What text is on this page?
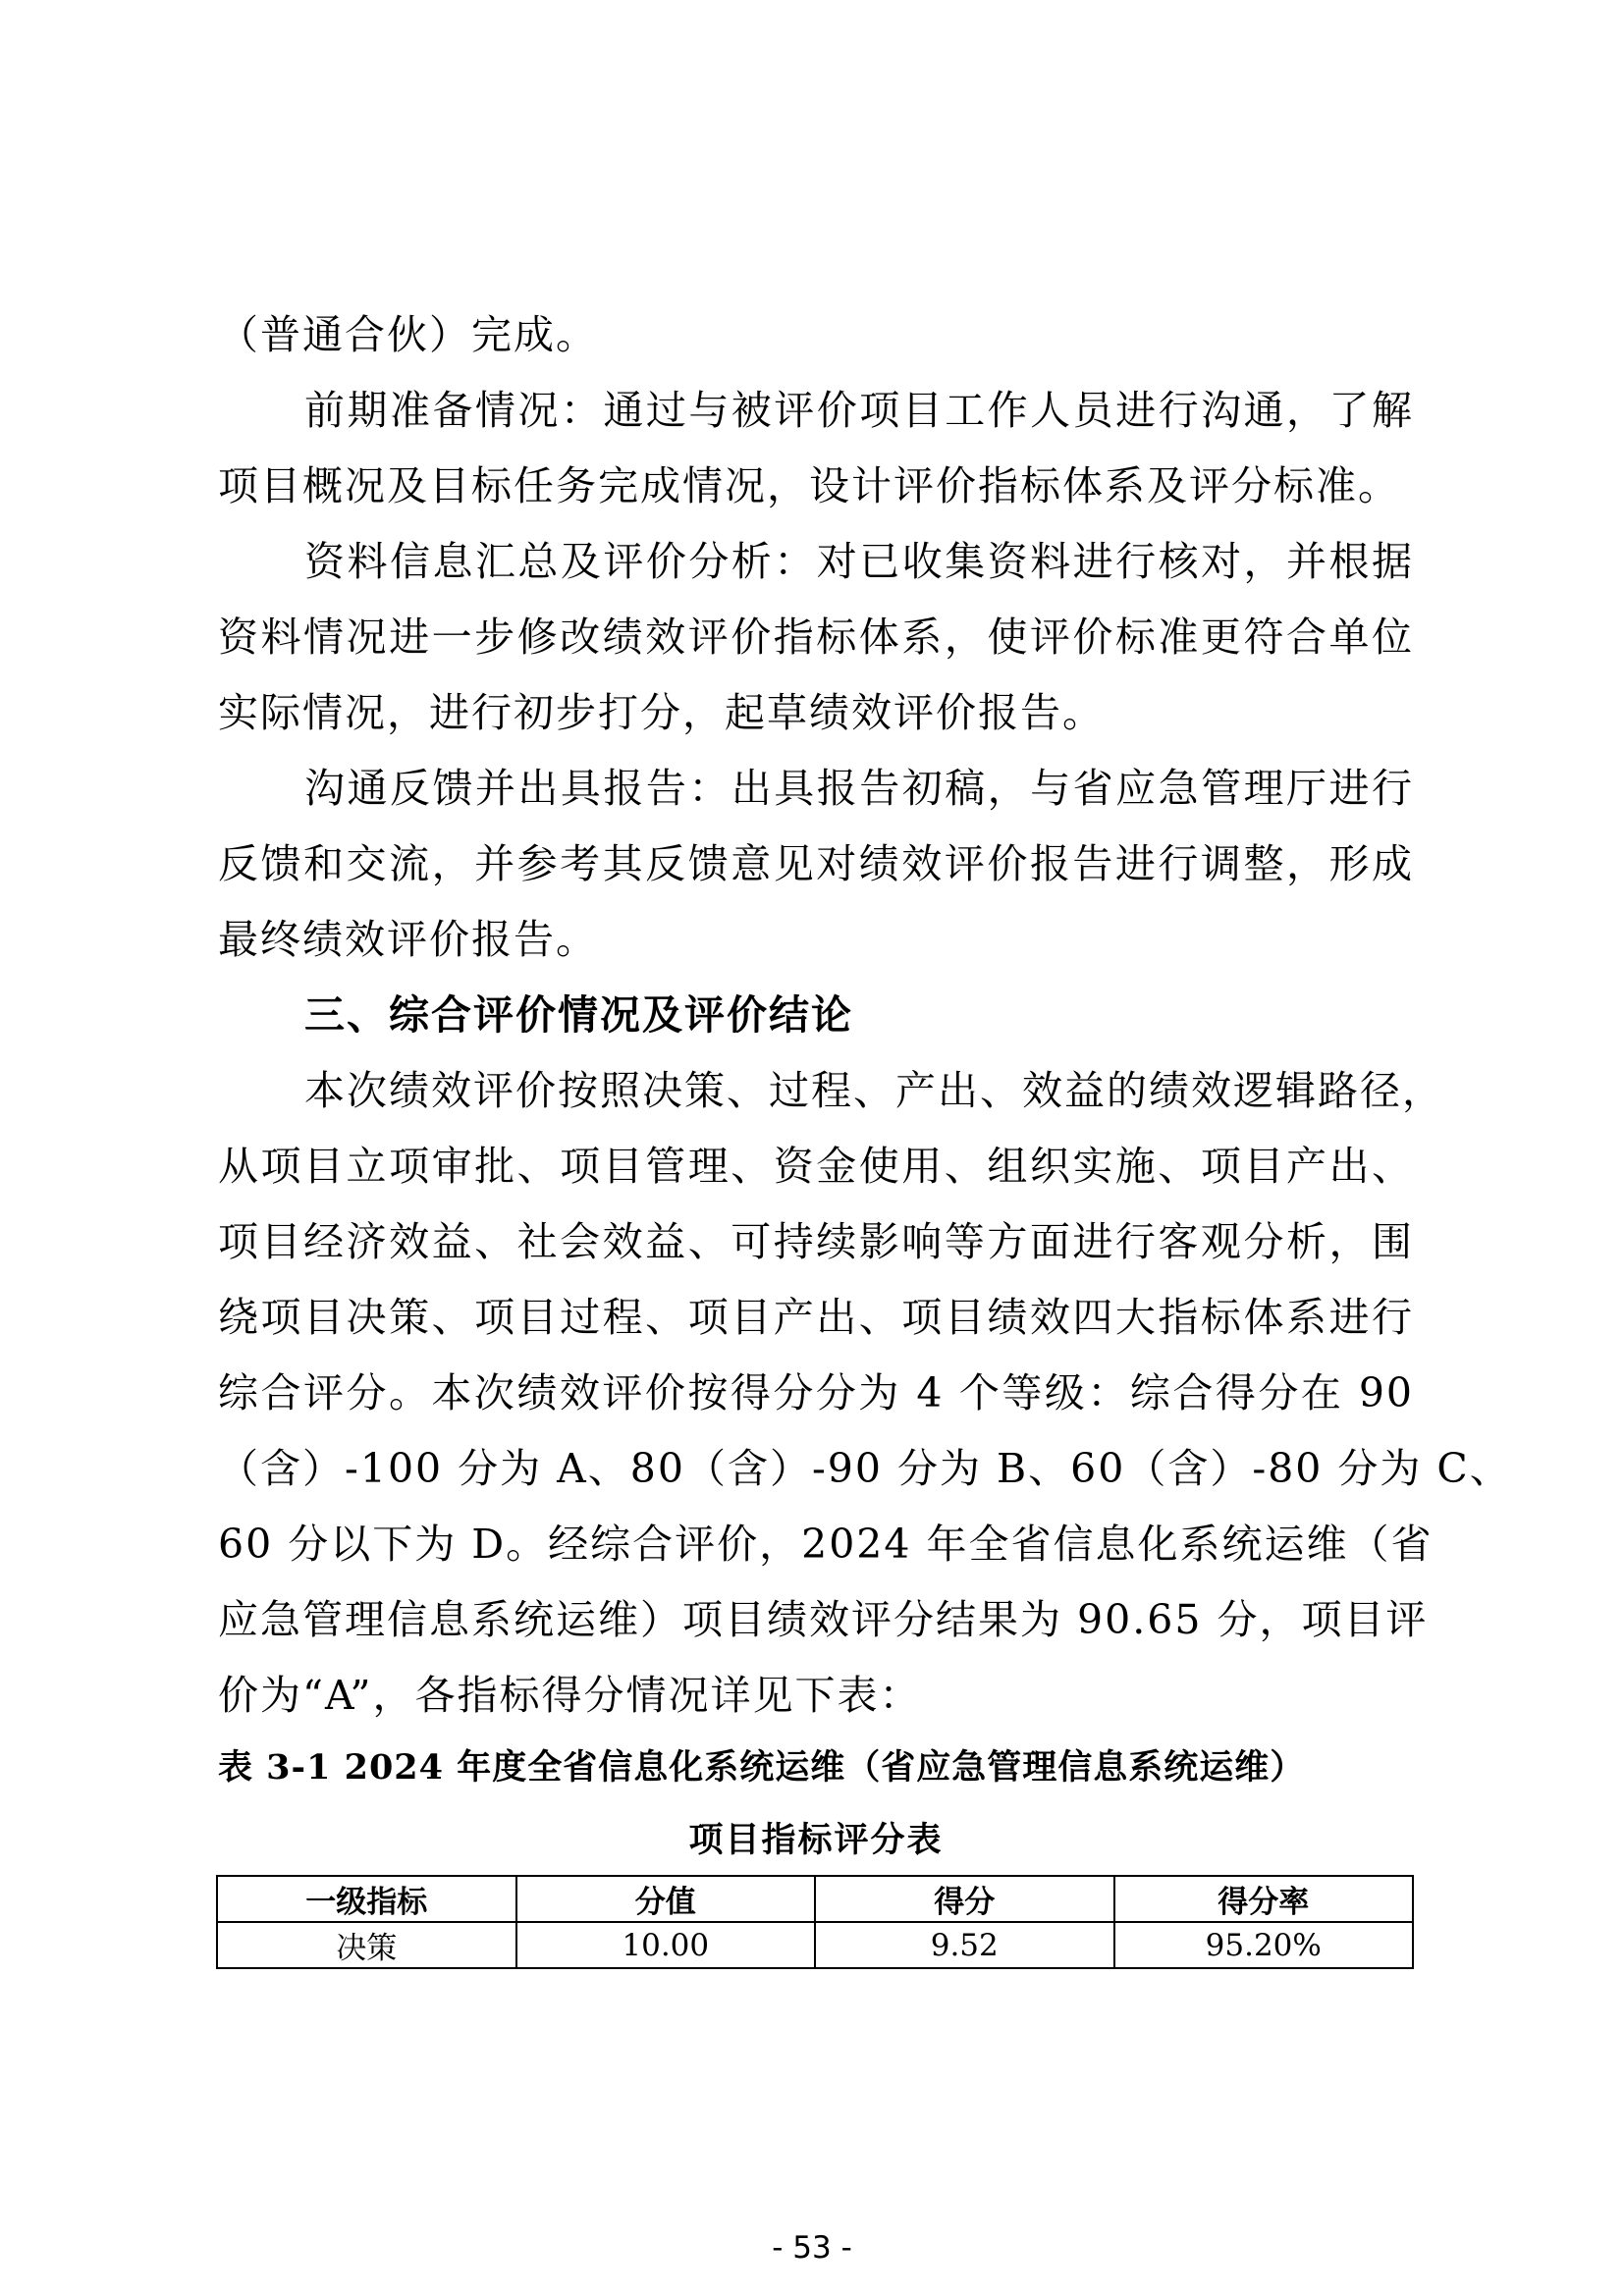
（普通合伙）完成。

前期准备情况：通过与被评价项目工作人员进行沟通，了解

项目概况及目标任务完成情况，设计评价指标体系及评分标准。

资料信息汇总及评价分析：对已收集资料进行核对，并根据

资料情况进一步修改绩效评价指标体系，使评价标准更符合单位

实际情况，进行初步打分，起草绩效评价报告。

沟通反馈并出具报告：出具报告初稿，与省应急管理厅进行

反馈和交流，并参考其反馈意见对绩效评价报告进行调整，形成

最终绩效评价报告。

三、综合评价情况及评价结论

本次绩效评价按照决策、过程、产出、效益的绩效逻辑路径，

从项目立项审批、项目管理、资金使用、组织实施、项目产出、

项目经济效益、社会效益、可持续影响等方面进行客观分析，围

绕项目决策、项目过程、项目产出、项目绩效四大指标体系进行

综合评分。本次绩效评价按得分分为 4 个等级：综合得分在 90

（含）-100 分为 A、80（含）-90 分为 B、60（含）-80 分为 C、

60 分以下为 D。经综合评价，2024 年全省信息化系统运维（省

应急管理信息系统运维）项目绩效评分结果为 90.65 分，项目评

价为“A”，各指标得分情况详见下表：

表 3-1 2024 年度全省信息化系统运维（省应急管理信息系统运维）

项目指标评分表

一级指标	分值	得分	得分率
决策	10.00	9.52	95.20%
- 53 -
